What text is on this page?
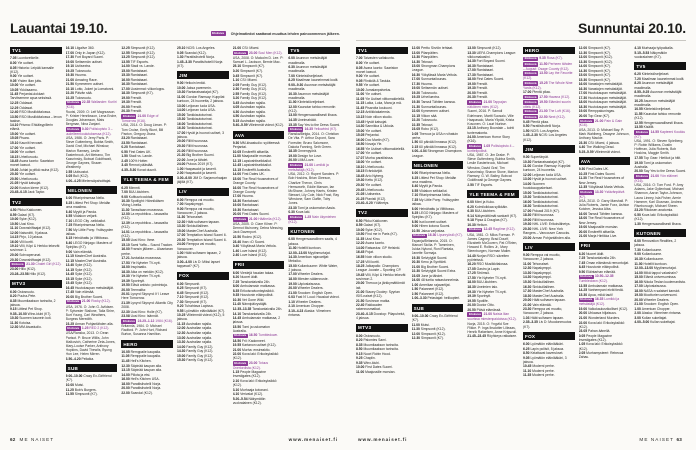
Lauantai 19.10.	Elokuva	Ohjelmatiedot saattavat muuttua lehden painoonmenon jälkeen.
TV1
7.05 Luontoretkelle.
8.00 Yle uutiset.
8.05 Historia: Leipää kansalle (K12).
9.00 Yle uutiset.
9.05 Yhden illan juttu.
10.00 Yle uutiset.
10.05 Ykkösaamu.
11.45 Perjantai-dokkari: Tarvitsemme apua seksissä.
12.25 Oddasat.
12.29 Oddasat.
12.40 RSO Musiikkitalossa.
13.50 RSO Musiikkitalossa – levon taakse.
14.10 Prisma: Ehkäisypillerin elämä.
15.00 Yle uutiset.
15.05 Pisara.
15.10 Kauniit hevoset.
17.00 Yle uutiset.
18.00 Yle uutiset.
18.15 Urheiluruutu.
18.45 Avara luonto: Saariston monet kasvot.
19.40 Juhlat ja pitkä rauha (K12).
20.30 Yle uutiset.
20.50 Urheiluruutu.
21.05 Hyvät katsojat.
22.00 Koston kierre (K12).
23.45–0.15 Jack Taylor.
TV2
4.50 Pikku Kakkonen.
8.59 Galaxi (K7).
10.00 Syke (K12).
10.50 Uusi Kino.
11.10 Downshiftaajat (K12).
12.00 Naisvoltti, 9 jaksoa.
14.15 Pirjo, 10 jaksoa.
16.00 Villi kortti.
19.10 Villi, Köpi & Herkko tekevät sovinnon 1.
20.00 Sohvaperunat.
20.30 Downshiftaajat (K12).
Elokuva 21.30 Chalet Girl (K12).
23.00 Hillo (K12).
23.28–23.58 Hillo (K12).
MTV3
6.00 Ostosruutu.
8.20 Puuha-Pete.
8.35 Muumilaakson tarinoita, 2 jaksoa.
9.15 Littlest Pet Shop.
9.35–10.00 Winx-klubi (K7).
10.30 Suomen kaunein koti.
11.30 Kotoisa.
12.30 MM-kisastudio.
16.10 Liigalive 360.
17.00 Only in Japan (K12).
17.30 Fort Boyard Suomi.
19.00 Seitsemän uutiset.
19.10 Uutisextra.
19.25 Tulosruutu.
19.30 Huuma.
21.00 Amazing Race.
21.50 Kymmenen uutiset.
22.10 Lotto, Jokeri ja Lomatonni.
22.20 Päivän sää.
22.25 Tulosruutu.
Elokuva 22.35 Wallander: Kuriiri (K16).
Ruotsi, 2009. O: Leif Magnusson. P: Krister Henriksson, Lena Endre, Douglas Johansson, Mats Bergman, Nina Zanjani.
Elokuva 0.30 Poliisiopisto 3 – uudelleenkoulutuksessa (K12).
USA, 1986. O: Jerry Paris. P: Steve Guttenberg, Bubba Smith, David Graf, Michael Winslow, Marion Ramsey, Leslie Easterbrook, Art Metrano, Tim Kazurinsky, Bobcat Goldthwait, George Gaynes, Shawn Weatherly.
2.55 Uutisostot.
3.05 Bull (K12).
4.00–4.25 Mielensäpahoittajat.
NELONEN
6.00 Ritariprinsessa Nella.
6.25 Littlest Pet Shop: Meidän oma maailma.
6.40 Myytit ja Panda.
6.55 Viidakon veijarit.
7.10 LEGO City -seikkailut.
7.25 Ritariprinsessa Nella.
7.50 My Little Pony: Ystävyyden taikaa.
8.15 Heinähattu ja Vilttitossu.
8.40 LEGO Ninjago: Masters of Spinjitzu (K7).
9.00 Vain elämää.
11.15 MasterChef Australia.
12.15 MasterChef Australia.
13.40 Syke (K12).
14.15 Syke (K12).
14.45 Syke (K12).
15.15 Syke (K12).
15.45 Syke (K12).
16.45 Huutokaupan metsästäjät.
17.45 Vain elämää.
20.00 Big Brother Suomi.
Elokuva 21.00 Rocky (K12).
USA, 1976. O: John G. Avildsen. P: Sylvester Stallone, Talia Shire, Burt Young, Carl Weathers, Burgess Meredith.
23.25 Arman Pohjantähden alla.
Elokuva 1.25 RED 2 (K12).
USA/Ranska, 2013. O: Dean Parisot. P: Bruce Willis, John Malkovich, Catherine Zeta-Jones, Mary-Louise Parker, Anthony Hopkins, David Thewlis, Byung Hun Lee, Helen Mirren.
3.50–4.20 Peliaika.
SUB
9.00–10.00 Crazy Ex-Girlfriend (K7).
10.00 Mutsi.
11.25 Bob's Burgers.
11.55 Simpsonit (K7).
12.25 Simpsonit (K12).
12.55 Simpsonit (K12).
13.25 Simpsonit (K12).
13.55 TIF Esports.
14.00 Stadi vs. Lande.
15.00 Rantabaari.
15.30 Rantabaari.
16.00 Rantabaari.
16.30 Rantabaari.
17.00 Uusimmat: viikonloppu.
18.30 Simpsonit (K7).
19.00 Frendit.
19.30 Frendit.
20.00 Frendit.
20.30 Frendit.
Elokuva 21.00 Edge of Tomorrow (K16).
USA, 2014. O: Doug Liman. P: Tom Cruise, Emily Blunt, Bill Paxton, Gregory Jbara.
23.20 Rantabaari.
23.50 Rantabaari.
0.20 Rantabaari.
0.50 First Dates UK.
1.50 Stadi vs. Lande.
2.45 100% Hotter.
3.40 Rennot päästää.
4.35–5.30 Kovat duunit.
YLE TEEMA & FEM
6.25 Mimmit.
7.00 BUU-klubben.
9.00 Kulttuuricocktail.
10.30 Spotlight: Hännikäisen Viking Linella.
11.30 Tanssitaan museossa.
12.00 La repubblica – tasavalta (K12).
12.39 La repubblica – tasavalta (K12).
14.01 La repubblica – tasavalta (K12).
15.05 Uusi Kino: Ihme.
15.10 Sami Yaffa – Sound Tracker.
16.00 Fransin jälkeen – Alcantaran perhe.
17.21 Avotakka museossa.
17.53 Yle Nyheter TV-nytt.
18.00 Inspiraatio.
18.30 Aika on meidän (K12).
19.30 Yle Nyheter TV-nytt.
19.39 Sportnytt.
19.50 Elävä arkisto: poimintoja.
20.00 Teemailta:
20.01 Lynyrd Skynyrd: If I Leave Here Tomorrow.
21.39 Lynyrd Skynyrd: Atlantic City 2008.
22.30 Uusi Kino: Holle (K7).
23.08 Uusi Kino: Isännät.
Elokuva 23.25–1.12 1984 (K16).
Britannia, 1984. O: Michael Radford. P: John Hurt, Richard Burton, Susanna Hamilton.
HERO
10.05 Remppaile kaupalla.
11.05 Remppaile kaupalla.
11.45 Hell's Kitchen.
12.30 Säpinää kaupan alla.
13.15 Säpinää kaupan alla.
14.00 Piilota ja etsi.
16.00 Hell's Kitchen USA.
18.00 Paratiisihotelli Norja.
20.00 Paratiisihotelli Norja.
22.00 Scandal (K12).
25.10 NCIS: Los Angeles.
0.05 Scandal (K12).
1.30 Paratiisihotelli Norja.
1.45–3.30 Paratiisihotelli Norja (K7).
JIM
9.00 Heikoin lenkki.
10.00 Jaksa paremmin.
10.30 Rantaratsastajat (K7).
11.00 Gordon Ramsay: Kuppilat kuntoon, 24 huonetta, 2 jaksoa.
13.00 Leijonan luola USA.
14.00 Leijonan luola USA.
15.00 Tankkiautoturinat.
15.30 Tankkiautoturinat.
16.00 Tankkiautoturinat.
16.30 Tankkiautoturinat.
17.00 Hyvät ja huonot uutiset, 3 jaksoa.
20.00 Rillit huurussa.
20.30 Rillit huurussa.
21.00 Rillit huurussa.
21.30 Big Brother Suomi.
22.00 Jone ja tähdet.
24.00 Putous 2019 (K7).
1.00 Haapasalot ja kaverit.
2.00 Haapasalot ja kaverit.
3.00–6.00 JIM D: Sarjamurhaajan jäljillä (K7).
LIV
6.00 Remppa vai muutto.
7.00 Napakymppi.
9.00 Remppa vai muutto, Vancouver, 2 jaksoa.
11.30 Tehonaiset.
12.30 Häät sulhasen tapaan.
13.30 Sinkkuillallinen.
15.00 MasterChef Australia.
17.00 Temptation Island Suomi 6.
20.30 Temptation Island Suomi 6.
24.00 Remppa vai muutto, Vancouver.
1.00 Häät sulhasen tapaan, 2 jaksoa.
3.00–4.00 Liv D: Miksi lapset tappavat? (K7).
FOX
6.00 Simpsonit.
6.25 Simpsonit (K7).
6.45 Simpsonit (K12).
7.10 Simpsonit (K12).
7.30 Simpsonit (K7).
9.20 Tuhahtava Lapissa.
9.55 Lyömätön eläinlääkäri (K7).
10.25 Villeimmät videot (K12), 5 jaksoa.
11.15 Australian rajalla.
12.00 Australian rajalla.
12.30 Australian rajalla.
13.00 Australian rajalla.
13.30 Australian rajalla.
14.00 Family Guy (K12).
14.30 Family Guy (K12).
15.00 Family Guy (K12).
15.30 Family Guy (K12).
21.00 CSI: Miami.
Elokuva 23.00 Soul Men (K12).
USA, 2008. O: Malcolm D. Lee. P: Samuel L. Jackson, Bernie Mac.
25.10 Simpsonit (K7).
0.20 Simpsonit (K7).
0.45 Simpsonit (K7).
1.10 CSI: Miami.
2.05 Family Guy (K12).
2.30 Family Guy (K12).
2.55 Family Guy (K12).
3.20 Family Guy (K12).
3.45 Australian rajalla.
4.05 Australian rajalla.
4.30 Australian rajalla.
4.50 Australian rajalla.
5.15 Australian rajalla.
5.40–5.59 Villeimmät videot (K12).
AVA
9.30 MM-kisastudio: syötteessä Perjantai.
10.05 Ensitreffit alttarilla.
11.00 Maajussille morsian.
12.15 Lapsivahtiseikkailut.
12.45 Lapsivahtiseikkailut.
13.15 Ensitreffit Australia.
14.00 First Dates UK.
15.00 The Real Housewives of Orange County.
16.00 The Real Housewives of Orange County.
17.00 Huuma.
18.30 Rantabaari.
19.00 Rantabaari.
19.30 Rantabaari.
20.00 First Dates Suomi.
Elokuva 21.00 Hääheila (K12).
USA, 2005. O: Clare Kilner. P: Dermot Mulroney, Debra Messing, Jack Davenport.
22.50 Rodeo (K12).
23.40 Ihan =D Suomi.
0.40 Yökylässä Maria Veitola.
1.40 Love Island (K12).
2.40 Love Island (K12).
FRII
6.00 Viestejä haudan takaa.
6.20 Nuoret äidit.
7.25 Tanskanlaivalla 24h.
8.00 Ambulanssin matkassa.
8.35 Erikoisvalvontayksikkö.
9.35 Houstonin eläinpoliisit.
10.30 Vet Gone Wild.
11.40 Nännipäivystäjät.
12.35–13.35 Tanskanlaivalla 24h.
14.10 Tanskanlaivalla 24h.
14.45 Ambulanssin matkassa, 2 jaksoa.
15.50 Tomi ja uskomaton Australia.
Elokuva 16.50 Tumbledown.
18.50 Frii: Kadonneet.
19.55 Kartanon uutiset (K12).
21.00 Murha: ensireaktio.
22.00 Kova laki: Erikoisyksikkö (K12).
Elokuva 23.00 Totuus Overlordista (K12).
1.15 People Magazine Investigates (K12).
2.10 Kova laki: Erikoisyksikkö (K12).
3.10 Murhaaja kotonani.
4.10 Verivalat (K12).
5.20–5.54 Näkymätön vuokralainen (K12).
TV5
6.00 Asunnon metsästäjät maailmalla.
6.30 Asunnon metsästäjät maailmalla.
7.00 Kiinteistöveljekset.
8.25 Maailman kauneimmat kodit.
9.00–9.30 Asunnon metsästäjät maailmalla.
10.30 Asunnon metsästäjät maailmalla.
11.00 Kiinteistöveljekset.
12.00 Kaunotar tahtoo remontin (K12).
13.00 Hengenvaarallisesti lihava.
14.35 Unelmahäät.
15.35 Say Yes to the Dress Suomi.
Elokuva 16.35 Yellowbird (K7).
Ranska/Belgia, 2014. O: Christian De Vita. P: Arthur Dupont, Sara Forestier, Bruno Salomone, Dakota Fanning, Seth Green.
18.35 Onnenpyörä.
19.00 Design for Love.
20.00 LIMA Love.
Elokuva 21.00 Lumikki ja metsästäjä (K12).
USA, 2012. O: Rupert Sanders. P: Bob Hoskins, Brian Gleeson, Charlize Theron, Chris Hemsworth, Eddie Marsan, Ian McShane, Johnny Harris, Kristen Stewart, Lily Cole, Nick Frost, Ray Winstone, Sam Claflin, Toby Jones.
23.30 Tomi ja uskomaton Aasia.
0.30 Kova laki.
Elokuva 1.25 Nain ökymiehen (K12).
KUTONEN
6.00 Hengenvaarallinen saalis, 4 jaksoa.
11.00 Hotellit kuntoon.
12.00–13.00 Myytinmurtajat.
14.30 Amerikan rajavartijat: Meksiko.
15.00 Kullankuume: White Water, 2 jaksoa.
17.00 Wheeler Dealers.
18.00 Miesten sääennuste.
19.00 Läpivalaisussa.
20.00 Wheeler Dealers.
21.00 Snooker: English Open.
0.03 Fast N' Loud: Hauskat videot.
1.10 Wheeler Dealers.
2.10 American Chopper.
3.10–4.23 Alaska: Viimeinen rintama.
62 ME NAISET	www.menaiset.fi
Sunnuntai 20.10.
TV1
7.00 Taivasten valtakunta.
8.00 Yle uutiset.
8.05 Avara luonto: Saariston monet kasvot.
9.00 Yle uutiset.
9.05 Flinkkilä & Tastula.
9.55 Yle uutiset.
10.00 Jumalanpalvelus.
11.00 Yle uutiset.
11.05 Yle Uutiset viittomakielellä.
11.15 Laika, Luka, Mara ja mä.
11.45 Pisaroita kouluuni.
12.15 Antiikkiakatemia.
13.15 Noin viikon studio.
13.45 Hyvät katsojat.
14.30 Sannikka & Ukkola.
15.00 Yle uutiset.
15.05 Perjantai.
16.00 Doc Martin (K7).
16.50 Novaja Yle.
16.55 Yle Uutiset viittomakielellä.
17.00 Yle uutiset.
17.07 Murha paratiisissa.
18.00 Yle uutiset.
18.10 Urheiluruutu.
18.15 Eränkävijät.
18.45 Arto Nyberg.
19.30 Kettu (K12).
20.30 Yle uutiset.
20.45 Urheiluruutu.
21.05 Uutisextra.
21.25 Pianisti (K12).
23.40–0.20 Yölähetys.
TV2
6.50 Pikku Kakkonen.
8.59 Galaxi (K7).
10.00 Syke (K12).
10.50 Find me in Paris (K7).
11.35 Uusi Kino.
12.20 Avara luonto.
14.00 Ratsastus: GP Helsinki.
16.45 Pojat.
16.55 Noin viikon studio.
17.25 Villi kortti.
18.25 Jalkapallo: Champions League -kooste – Sporting CP.
19.45 Villi, Köpi & Herkko tekevät sovinnon 2.
20.00 Theroux ja järkkymättömät lait.
21.00 Stacey Dooley: Syyrian ISIS-naiset (K12).
21.50 Sovinnon matka.
22.40 Rakkauden rakennusmatkat.
23.40–0.15 Docstop: Pilapuhelut, 4 jaksoa.
MTV3
8.00 Ostosruutu.
8.20 Palomies Sami.
8.35 Muumilaakson tarinoita.
8.50 Muumilaakson tarinoita.
9.15 Nuori Robin Hood.
9.25 Chaplin.
9.35 Winx-klubi.
10.00 First Dates Suomi.
11.00 Maajussille morsian.
12.00 Perttu Sirviön tehtaat.
13.00 Pilanpäiten.
13.30 Pilanpäiten.
14.30 Teknavi.
15.00 Strongman Champions League.
16.30 Yökylässä Maria Veitola.
17.00 Sunnuntailounas.
17.30 Huuma.
19.00 Seitsemän uutiset.
19.20 Tulosruutu.
19.25 Urheiluextra.
19.30 Tanssii Tähtien kanssa.
21.30 Sunnuntailounas.
22.00 Kymmenen uutiset.
22.15 Viikon sää.
22.20 Tulosruutu.
22.35 Teknavi.
23.05 Robo (K12).
0.05 Theroux ja USA:n vihatuin perhe.
1.50 60 päivää linnassa (K12).
2.15 60 päivää linnassa (K12).
4.00–4.04 Strongman Champions League.
NELONEN
6.00 Ritariprinsessa Nella.
6.25 Littlest Pet Shop: Meidän oma maailma.
6.40 Myytit ja Panda.
6.55 Viidakon seikkailut.
7.10 Ritariprinsessa Nella.
7.35 My Little Pony: Ystävyyden taikaa.
8.00 Heinähattu ja Vilttitossu.
8.25 LEGO Ninjago: Masters of Spinjitzu (K7).
8.50 Isot koneet uutiset.
9.00 Hiiren kotona Suomi.
10.50 Jaksa varjostaa.
Elokuva 16.30 Lipunryöstö (K7).
Espanja/Britannia, 2015. O: Manuel Sicilia. P: Tamminen, Jukka Nylund, Roni Rantala, Janette Sormaja.
19.30 Selviytyjät Suomi.
20.30 Keno ja Synttärit.
21.00 Big Brother Suomi.
22.30 Selviytyjät Suomi Extra.
23.05 Jone ja tähdet.
24.00 48 tuntia ratsastunnelmia.
1.00 Amerikan rajavartijat.
1.50 Palanneet (K12).
2.50 Palanneet (K12).
1.00–3.30 Pelastajat: helikopteri.
SUB
9.00–10.00 Crazy Ex-Girlfriend (K7).
11.00 Mutsi.
11.30 Simpsonit (K12).
12.00 Simpsonit (K12).
12.30 Simpsonit (K7).
13.00 Simpsonit (K12).
13.30 UEFA Champions League: viikkomakasiini.
14.30 Fort Boyard Suomi.
16.30 Rantabaari.
17.00 Rantabaari.
17.30 Rantabaari.
18.00 First Dates Suomi.
19.00 Frendit.
19.30 Frendit.
20.00 Frendit.
20.30 Frendit.
Elokuva 21.00 Tappajan näköinen mies (K12).
Suomi, 2016. P: Samuli Edelmann, Martti Suosalo, Ville Haapasalo, Maria Ylipää, Krista Kosonen. O: Lauri Nurkse.
23.15 Anthony Bourdain – kohti tuntematonta.
24.00 American Horror Story (K16).
Elokuva 1.05 Poliisiopisto 4 – korttelipoliisit.
USA, 1987. O: Jim Drake. P: Steve Guttenberg, Bubba Smith, Leslie Easterbrook, Michael Winslow, David Graf, Tim Kazurinsky, Sharon Stone, Marion Ramsey, G. W. Bailey, Bobcat Goldthwait ja George Gaynes.
2.50 TIF Esports.
YLE TEEMA & FEM
6.00 Mimi ja Kuku.
6.20 Kolmiloikkaa sylikkäin.
6.30 BUU-klubben.
9.14 Näkymättömät sankarit (K7).
9.18 Pipsa & Douglas (K7).
10.30 Helium.
Elokuva 12.45 Ragtime (K12).
USA, 1981. O: Milos Forman. P: James Cagney, Brad Dourif, Elizabeth McGovern, Pat O'Brien, Howard E. Rollins Jr., Mary Steenburgen, Norman Mailer.
14.40 Norjan RSO: sävelten pyörteissä.
16.20 RSO Musiikkitalossa.
17.05 Gastro ja Lapin.
17.25 Strömsö.
17.50 Yle Nyheter TV-nytt.
18.00 BUU-klubben.
18.30 Unelmien talo.
19.30 Yle Nyheter TV-nytt.
19.39 Sportnytt.
19.55 Spotlife.
20.00 Doctor Otto.
20.50 Päivä elämässä.
Elokuva 21.00 Naisia liian suurissa miestenpaidoissa (K12).
Norja, 2015. O: Yngvild Sve Flikke. P: Inga Ibsdotter Lilleaas, Henrik Rafaelsen, Anne Krigsvoll.
21.45–23.45 Röyhkeys ratkaisee.
HERO
Elokuva 9.35 Rosa (K7).
Elokuva 11.50 Perheen tähden – August: Osage County (K12).
Elokuva 13.50 Lay the Favorite (K12).
Elokuva 15.25 The Whole Nine Yards (K12).
17.00 Pientä pilaa.
Elokuva 17.50 Havana (K12).
Elokuva 19.50 Elämäni suurin ottelu (K12).
Elokuva 21.00 The Loft (K16).
Elokuva 22.50 Next (K12).
0.45 Pientä pilaa.
0.50 Paratiisihotelli Norja.
1.50 NCIS: Los Angeles.
1.45–2.30 NCIS: Los Angeles (K12).
JIM
9.00 Supertärpät.
10.30 Rantaratsastajat (K7).
11.00 Gordon Ramsay: Kuppilat kuntoon, 24 huonetta.
12.00 Leijonan luola USA.
13.00 Hyvät ja huonot uutiset.
14.00 Suomen huutokauppakeisari.
15.00 Tankkiautoturinat.
15.30 Tankkiautoturinat.
16.00 Tankkiautoturinat.
16.30 Tankkiautoturinat.
17.00 Pokaali 2019 (K7).
18.30 Rillit huurussa.
19.00 Rillit huurussa.
19.30 NHL LIVE: Erikoislähetys.
20.30 NHL LIVE: New York Rangers – Vancouver Canucks.
23.00 Arman Pohjantähden alla.
LIV
9.00 Remppa vai muutto, Vancouver, 2 jaksoa.
11.00 Tehonaiset.
12.30 Napakymppi.
13.30 Napakymppi.
14.30 Napakymppi.
15.30 Sinkkuillallinen.
16.30 Sinkkuillallinen.
17.30 MasterChef Australia.
18.30 MasterChef Australia.
20.00 Häät sulhasen tapaan.
21.00 Vain elämää.
23.30 Remppa vai muutto, Vancouver, 2 jaksoa.
1.03 Häät sulhasen tapaan.
2.35–3.35 Liv D: Muodonmuutos (K7).
FOX
6.00 Lyömätön eläinlääkäri.
6.25 Lapin poliisit, 5 jaksoa.
8.50 Kelattavat kaverukset.
9.05 Lyömätön eläinlääkäri, 3 jaksoa.
10.45 Moderni perhe.
11.10 Moderni perhe.
11.35 Moderni perhe.
12.00 Simpsonit (K7).
12.30 Simpsonit (K7).
13.00 Simpsonit (K12).
13.30 Simpsonit (K12).
14.00 Simpsonit (K7).
14.30 Simpsonit (K7).
15.00 Simpsonit (K7).
15.30 Simpsonit (K7).
16.00 Varastojen metsästäjät.
16.30 Varastojen metsästäjät.
17.00 Huutokaupan metsästäjät.
17.30 Huutokaupan metsästäjät.
18.00 Huutokaupan metsästäjät.
18.30 Huutokaupan metsästäjät.
19.00 Remppakuningas.
20.00 Top Gear (K7).
Elokuva 21.00 Pain & Gain (K16).
USA, 2013. O: Michael Bay. P: Mark Wahlberg, Dwayne Johnson, Anthony Mackie.
23.30 CSI: Miami, 4 jaksoa.
4.40 The Walking Dead.
5.25–5.59 Villeimmät videot.
AVA
9.30 First Dates UK.
10.25 First Dates Suomi.
11.30 The Real Housewives of New Jersey.
12.35 Yökylässä Maria Veitola.
Elokuva 13.30 Ystävänpäivä (K7).
USA, 2010. O: Garry Marshall. P: Julia Roberts, Jamie Foxx, Ashton Kutcher, Jessica Alba.
16.00 Tanssii Tähtien kanssa.
18.00 The Real Housewives of New Jersey.
19.00 Maajussille morsian.
20.00 Ensitreffit alttarilla.
21.00 Marja Hintikka Live.
FRII
6.20 Nuoret äidit.
7.25 Tanskanlaivalla 24h.
7.45 Oman elämänsä remontoijat.
8.45 Houstonin eläinpoliisit.
9.50 Eläintarhan elämää.
Elokuva 10.50–12.35 Tumbledown (K12).
13.55 Ambulanssin matkassa.
14.25 Vanhempani eivät tiedä.
15.30 Apua, mikä tauti!
Elokuva 16.35 Lumikki ja metsästäjä (K12).
19.00 Valkokaulusrikolliset (K12).
20.00 Uhkaava hiljaisuus.
21.00 Wonderland Murders.
22.00 Kova laki: Erikoisyksikkö (K12).
23.05 Pahan äänellä.
0.05 People Magazine Investigates (K12).
1.05 Kova laki: Erikoisyksikkö (K12).
2.05 Murhamysteeri: Rebecca Zahau.
4.10 Murhaaja työpaikalla.
5.15–5.53 Näkymätön vuokralainen (K7).
TV5
6.20 Kiinteistöveljekset.
7.20 Maailman kauneimmat kodit.
8.20 Asunnon metsästäjät maailmalla.
8.55–9.25 Asunnon metsästäjät maailmalla.
10.25 Asunnon metsästäjät maailmalla.
10.55 Kiinteistöveljekset.
11.55 Kaunotar tahtoo remontin (K12).
12.55 Hengenvaarallisesti lihava.
13.55 Kisällit.
Elokuva 14.55 Kapteeni Koukku (K7).
USA, 1991. O: Steven Spielberg. P: Robin Williams, Dustin Hoffman, Julia Roberts, Bob Hoskins, Maggie Smith.
17.55 Top Gear: Hietikot ja hitit.
19.00 Tomi ja uskomaton Australia.
20.00 Say Yes to the Dress Suomi.
Elokuva 21.00 Yön eläimet (K16).
USA, 2016. O: Tom Ford. P: Amy Adams, Jake Gyllenhaal, Michael Shannon, Aaron Taylor-Johnson, Laura Linney, Isla Fisher, Armie Hammer, Karl Glusman, Andrea Riseborough, Michael Sheen.
23.20 Rikoksen anatomia.
0.50 Kova laki: Erikoisyksikkö (K12).
1.30 Hengenvaarallisesti lihava.
KUTONEN
6.00 Renovation Realities, 2 jaksoa.
7.30 Kullankuume.
9.00 Kullankuume.
10.30 Kullankuume.
11.00 Hotellit kuntoon.
12.00–13.00 Myytinmurtajat.
14.00 Mikä tappoi valashain?
15.00 Elämä universumissa.
16.00 Nikola Teslan kuolemanlista.
17.00 Läpivalaisussa.
18.00 NASA:n salaiset kansiot.
19.00 Moottorien universumi.
20.00 Wheeler Dealers.
21.00 Snooker: English Open.
1.00 American Chopper.
2.00 Alaska: Viimeinen rintama.
3.00 Kullan sukeltajat.
4.00–5.00 Kullan sukeltajat.
www.menaiset.fi	ME NAISET 63
